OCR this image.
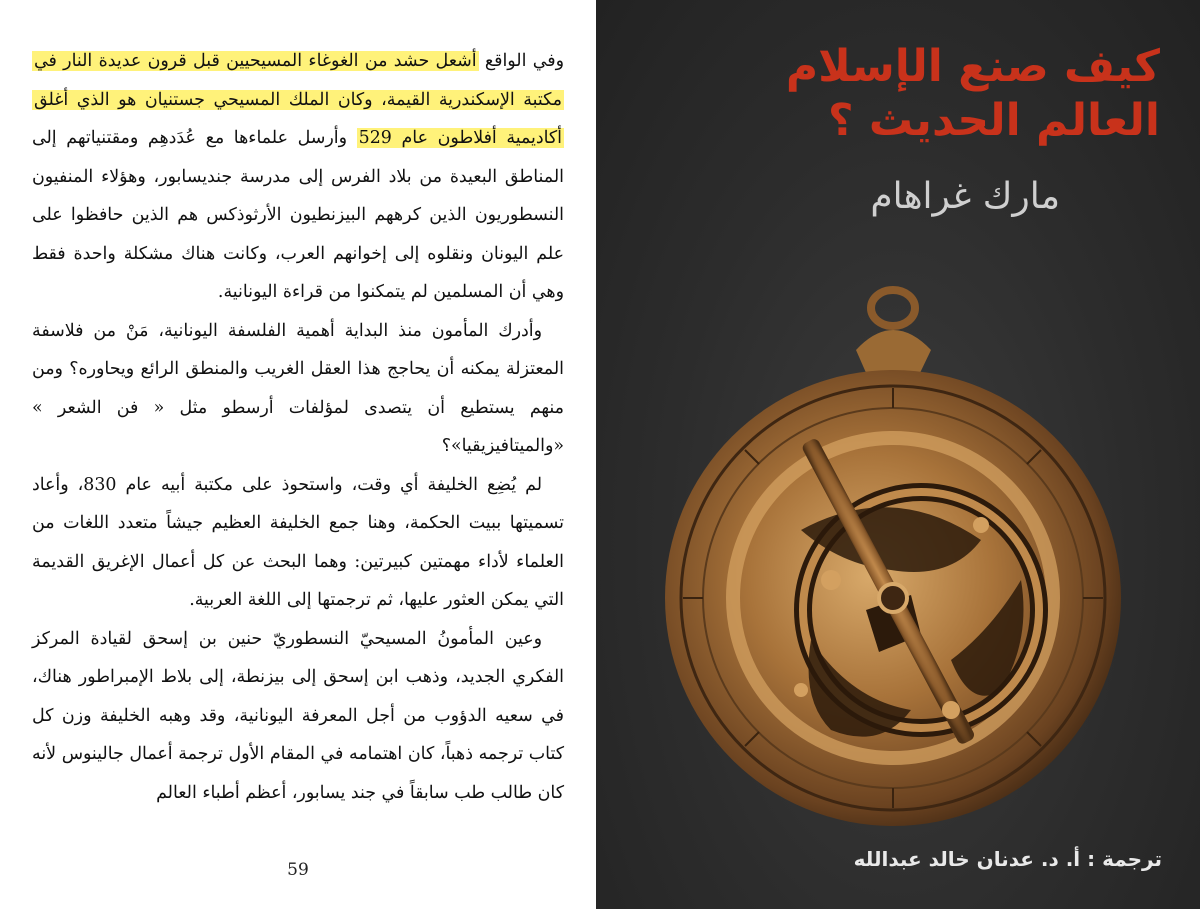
وفي الواقع أشعل حشد من الغوغاء المسيحيين قبل قرون عديدة النار في مكتبة الإسكندرية القيمة، وكان الملك المسيحي جستنيان هو الذي أغلق أكاديمية أفلاطون عام 529 وأرسل علماءها مع عُدَدهِم ومقتنياتهم إلى المناطق البعيدة من بلاد الفرس إلى مدرسة جنديسابور، وهؤلاء المنفيون النسطوريون الذين كرههم البيزنطيون الأرثوذكس هم الذين حافظوا على علم اليونان ونقلوه إلى إخوانهم العرب، وكانت هناك مشكلة واحدة فقط وهي أن المسلمين لم يتمكنوا من قراءة اليونانية.

وأدرك المأمون منذ البداية أهمية الفلسفة اليونانية، مَنْ من فلاسفة المعتزلة يمكنه أن يحاجج هذا العقل الغريب والمنطق الرائع ويحاوره؟ ومن منهم يستطيع أن يتصدى لمؤلفات أرسطو مثل « فن الشعر » «والميتافيزيقيا»؟

لم يُضِع الخليفة أي وقت، واستحوذ على مكتبة أبيه عام 830، وأعاد تسميتها ببيت الحكمة، وهنا جمع الخليفة العظيم جيشاً متعدد اللغات من العلماء لأداء مهمتين كبيرتين: وهما البحث عن كل أعمال الإغريق القديمة التي يمكن العثور عليها، ثم ترجمتها إلى اللغة العربية.

وعين المأمونُ المسيحيّ النسطوريّ حنين بن إسحق لقيادة المركز الفكري الجديد، وذهب ابن إسحق إلى بيزنطة، إلى بلاط الإمبراطور هناك، في سعيه الدؤوب من أجل المعرفة اليونانية، وقد وهبه الخليفة وزن كل كتاب ترجمه ذهباً، كان اهتمامه في المقام الأول ترجمة أعمال جالينوس لأنه كان طالب طب سابقاً في جند يسابور، أعظم أطباء العالم

59
كيف صنع الإسلام
العالم الحديث ؟
مارك غراهام
ترجمة : أ. د. عدنان خالد عبدالله
